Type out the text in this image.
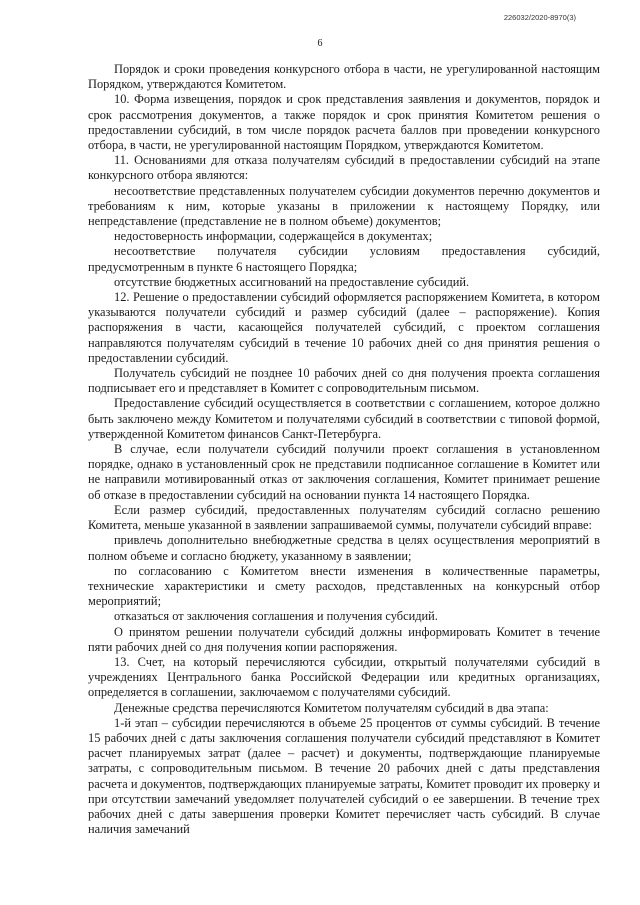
226032/2020-8970(3)
6

Порядок и сроки проведения конкурсного отбора в части, не урегулированной настоящим Порядком, утверждаются Комитетом.

10. Форма извещения, порядок и срок представления заявления и документов, порядок и срок рассмотрения документов, а также порядок и срок принятия Комитетом решения о предоставлении субсидий, в том числе порядок расчета баллов при проведении конкурсного отбора, в части, не урегулированной настоящим Порядком, утверждаются Комитетом.

11. Основаниями для отказа получателям субсидий в предоставлении субсидий на этапе конкурсного отбора являются:

несоответствие представленных получателем субсидии документов перечню документов и требованиям к ним, которые указаны в приложении к настоящему Порядку, или непредставление (представление не в полном объеме) документов;

недостоверность информации, содержащейся в документах;

несоответствие получателя субсидии условиям предоставления субсидий, предусмотренным в пункте 6 настоящего Порядка;

отсутствие бюджетных ассигнований на предоставление субсидий.

12. Решение о предоставлении субсидий оформляется распоряжением Комитета, в котором указываются получатели субсидий и размер субсидий (далее – распоряжение). Копия распоряжения в части, касающейся получателей субсидий, с проектом соглашения направляются получателям субсидий в течение 10 рабочих дней со дня принятия решения о предоставлении субсидий.

Получатель субсидий не позднее 10 рабочих дней со дня получения проекта соглашения подписывает его и представляет в Комитет с сопроводительным письмом.

Предоставление субсидий осуществляется в соответствии с соглашением, которое должно быть заключено между Комитетом и получателями субсидий в соответствии с типовой формой, утвержденной Комитетом финансов Санкт-Петербурга.

В случае, если получатели субсидий получили проект соглашения в установленном порядке, однако в установленный срок не представили подписанное соглашение в Комитет или не направили мотивированный отказ от заключения соглашения, Комитет принимает решение об отказе в предоставлении субсидий на основании пункта 14 настоящего Порядка.

Если размер субсидий, предоставленных получателям субсидий согласно решению Комитета, меньше указанной в заявлении запрашиваемой суммы, получатели субсидий вправе:

привлечь дополнительно внебюджетные средства в целях осуществления мероприятий в полном объеме и согласно бюджету, указанному в заявлении;

по согласованию с Комитетом внести изменения в количественные параметры, технические характеристики и смету расходов, представленных на конкурсный отбор мероприятий;

отказаться от заключения соглашения и получения субсидий.

О принятом решении получатели субсидий должны информировать Комитет в течение пяти рабочих дней со дня получения копии распоряжения.

13. Счет, на который перечисляются субсидии, открытый получателями субсидий в учреждениях Центрального банка Российской Федерации или кредитных организациях, определяется в соглашении, заключаемом с получателями субсидий.

Денежные средства перечисляются Комитетом получателям субсидий в два этапа:

1-й этап – субсидии перечисляются в объеме 25 процентов от суммы субсидий. В течение 15 рабочих дней с даты заключения соглашения получатели субсидий представляют в Комитет расчет планируемых затрат (далее – расчет) и документы, подтверждающие планируемые затраты, с сопроводительным письмом. В течение 20 рабочих дней с даты представления расчета и документов, подтверждающих планируемые затраты, Комитет проводит их проверку и при отсутствии замечаний уведомляет получателей субсидий о ее завершении. В течение трех рабочих дней с даты завершения проверки Комитет перечисляет часть субсидий. В случае наличия замечаний
